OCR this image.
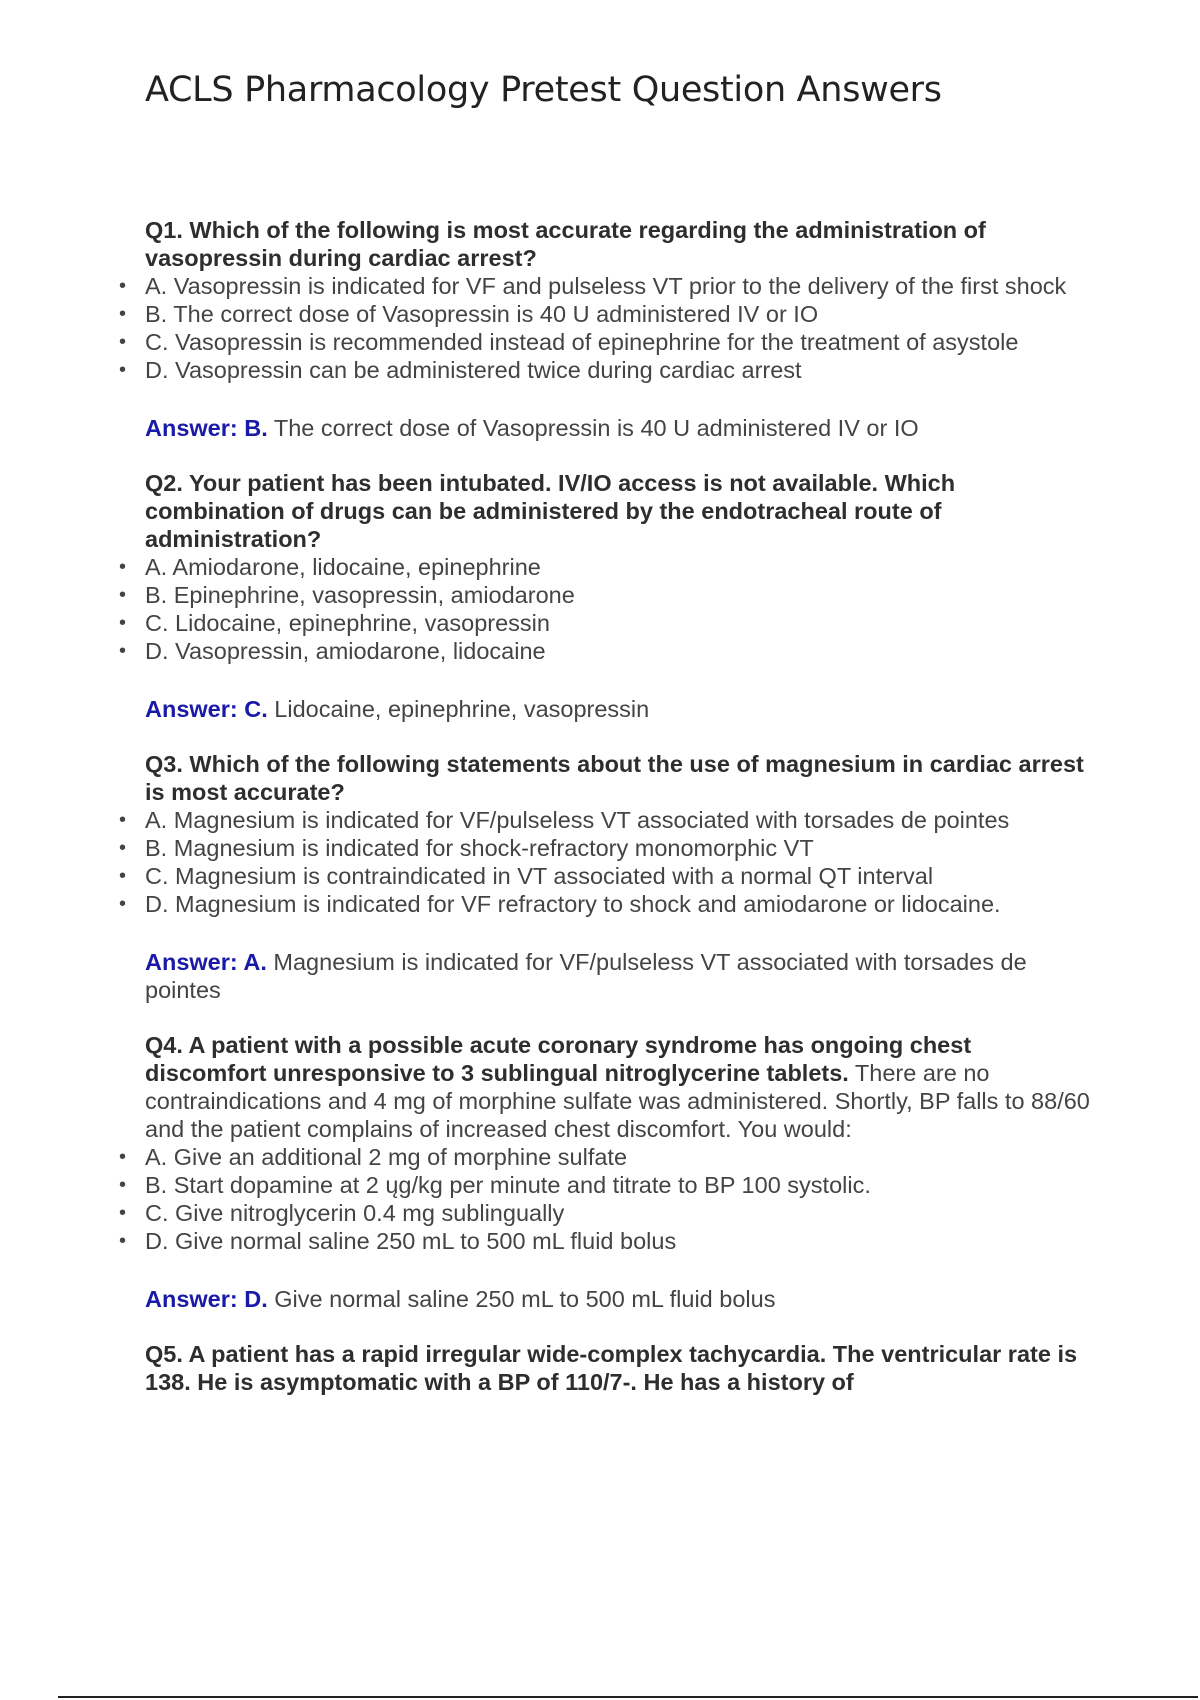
ACLS Pharmacology Pretest Question Answers

Q1. Which of the following is most accurate regarding the administration of vasopressin during cardiac arrest?

• A. Vasopressin is indicated for VF and pulseless VT prior to the delivery of the first shock
• B. The correct dose of Vasopressin is 40 U administered IV or IO
• C. Vasopressin is recommended instead of epinephrine for the treatment of asystole
• D. Vasopressin can be administered twice during cardiac arrest

Answer: B. The correct dose of Vasopressin is 40 U administered IV or IO

Q2. Your patient has been intubated. IV/IO access is not available. Which combination of drugs can be administered by the endotracheal route of administration?

• A. Amiodarone, lidocaine, epinephrine
• B. Epinephrine, vasopressin, amiodarone
• C. Lidocaine, epinephrine, vasopressin
• D. Vasopressin, amiodarone, lidocaine

Answer: C. Lidocaine, epinephrine, vasopressin

Q3. Which of the following statements about the use of magnesium in cardiac arrest is most accurate?

• A. Magnesium is indicated for VF/pulseless VT associated with torsades de pointes
• B. Magnesium is indicated for shock-refractory monomorphic VT
• C. Magnesium is contraindicated in VT associated with a normal QT interval
• D. Magnesium is indicated for VF refractory to shock and amiodarone or lidocaine.

Answer: A. Magnesium is indicated for VF/pulseless VT associated with torsades de pointes

Q4. A patient with a possible acute coronary syndrome has ongoing chest discomfort unresponsive to 3 sublingual nitroglycerine tablets. There are no contraindications and 4 mg of morphine sulfate was administered. Shortly, BP falls to 88/60 and the patient complains of increased chest discomfort. You would:

• A. Give an additional 2 mg of morphine sulfate
• B. Start dopamine at 2 ųg/kg per minute and titrate to BP 100 systolic.
• C. Give nitroglycerin 0.4 mg sublingually
• D. Give normal saline 250 mL to 500 mL fluid bolus

Answer: D. Give normal saline 250 mL to 500 mL fluid bolus

Q5. A patient has a rapid irregular wide-complex tachycardia. The ventricular rate is 138. He is asymptomatic with a BP of 110/7-. He has a history of
